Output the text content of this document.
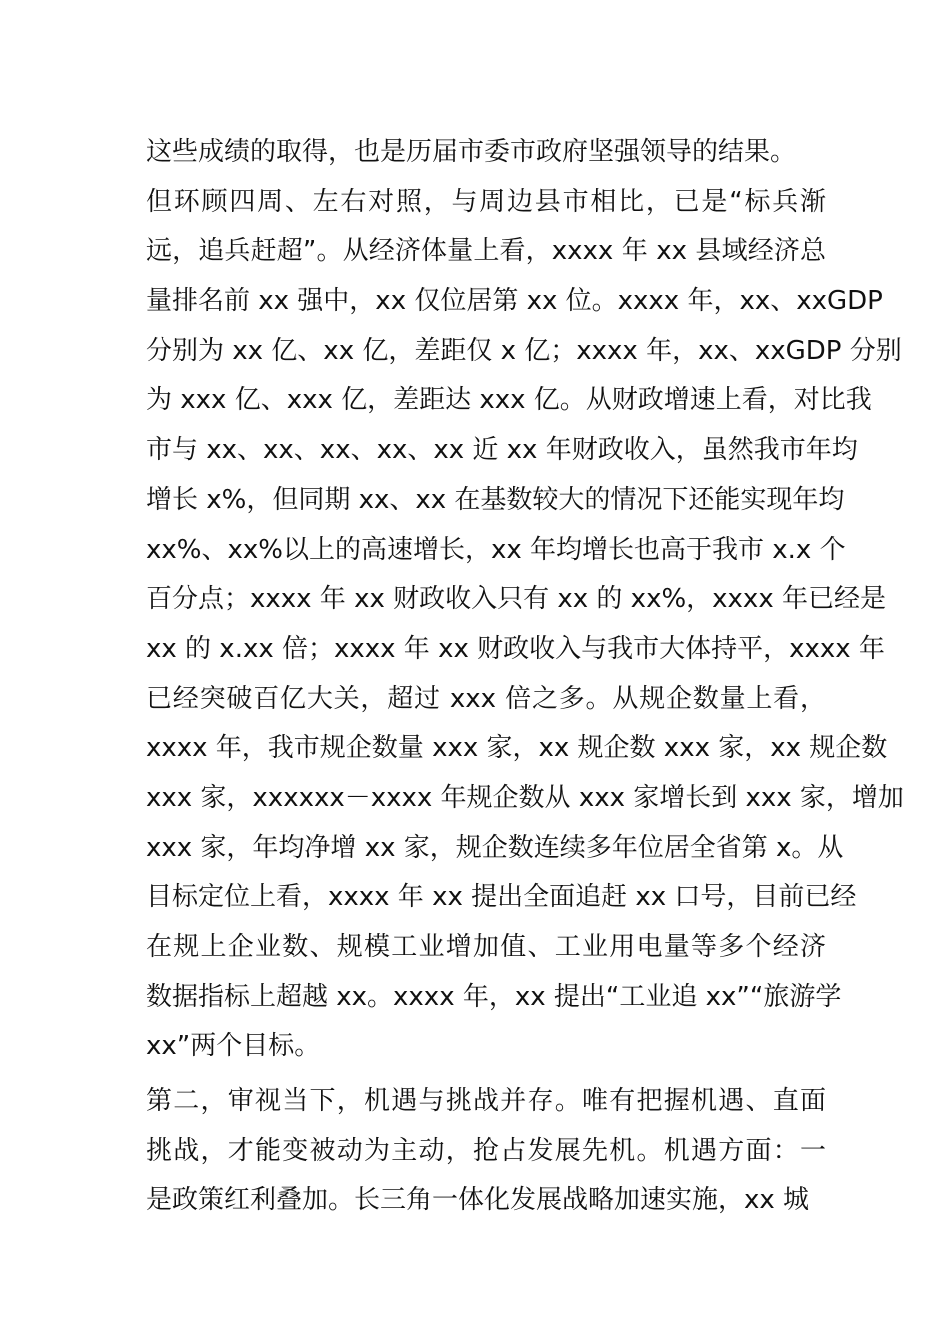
这些成绩的取得，也是历届市委市政府坚强领导的结果。
但环顾四周、左右对照，与周边县市相比，已是“标兵渐
远，追兵赶超”。从经济体量上看，xxxx 年 xx 县域经济总
量排名前 xx 强中，xx 仅位居第 xx 位。xxxx 年，xx、xxGDP
分别为 xx 亿、xx 亿，差距仅 x 亿；xxxx 年，xx、xxGDP 分别
为 xxx 亿、xxx 亿，差距达 xxx 亿。从财政增速上看，对比我
市与 xx、xx、xx、xx、xx 近 xx 年财政收入，虽然我市年均
增长 x%，但同期 xx、xx 在基数较大的情况下还能实现年均
xx%、xx%以上的高速增长，xx 年均增长也高于我市 x.x 个
百分点；xxxx 年 xx 财政收入只有 xx 的 xx%，xxxx 年已经是
xx 的 x.xx 倍；xxxx 年 xx 财政收入与我市大体持平，xxxx 年
已经突破百亿大关，超过 xxx 倍之多。从规企数量上看，
xxxx 年，我市规企数量 xxx 家，xx 规企数 xxx 家，xx 规企数
xxx 家，xxxxxx－xxxx 年规企数从 xxx 家增长到 xxx 家，增加
xxx 家，年均净增 xx 家，规企数连续多年位居全省第 x。从
目标定位上看，xxxx 年 xx 提出全面追赶 xx 口号，目前已经
在规上企业数、规模工业增加值、工业用电量等多个经济
数据指标上超越 xx。xxxx 年，xx 提出“工业追 xx”“旅游学
xx”两个目标。
第二，审视当下，机遇与挑战并存。唯有把握机遇、直面
挑战，才能变被动为主动，抢占发展先机。机遇方面：一
是政策红利叠加。长三角一体化发展战略加速实施，xx 城
